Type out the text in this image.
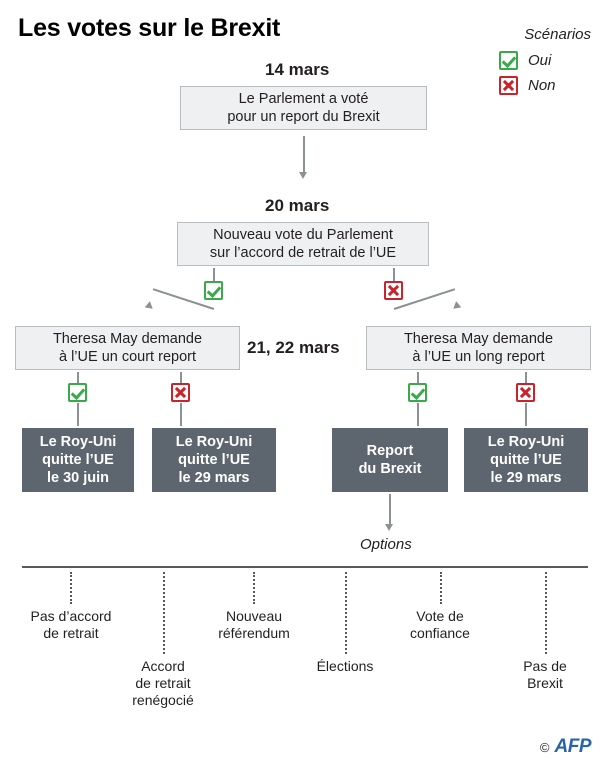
Les votes sur le Brexit	Scénarios
Oui
Non
14 mars
Le Parlement a voté
pour un report du Brexit
20 mars
Nouveau vote du Parlement
sur l’accord de retrait de l’UE
21, 22 mars
Theresa May demande
à l’UE un court report
Theresa May demande
à l’UE un long report
Le Roy-Uni
quitte l’UE
le 30 juin
Le Roy-Uni
quitte l’UE
le 29 mars
Report
du Brexit
Le Roy-Uni
quitte l’UE
le 29 mars
Options
Pas d’accord
de retrait
Accord
de retrait
renégocié
Nouveau
référendum
Élections
Vote de
confiance
Pas de
Brexit
© AFP
